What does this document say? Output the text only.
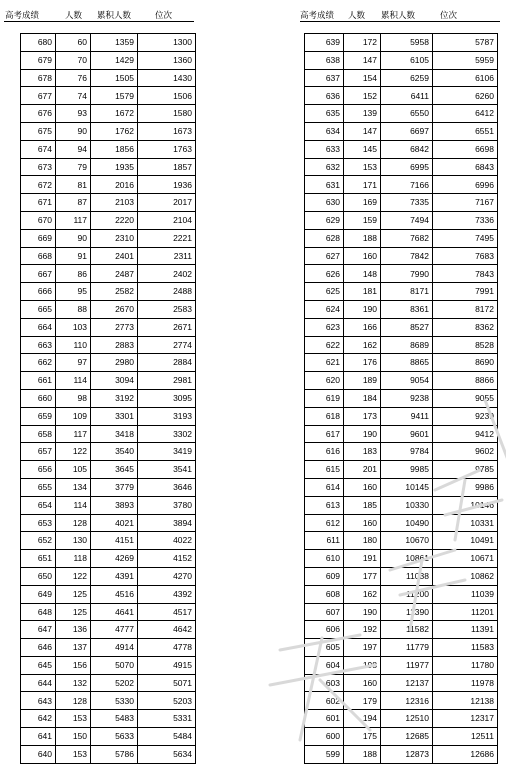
高考成绩	人数 累积人数	位次	高考成绩 人数 累积人数	位次
680	60	1359	1300
679	70	1429	1360
678	76	1505	1430
677	74	1579	1506
676	93	1672	1580
675	90	1762	1673
674	94	1856	1763
673	79	1935	1857
672	81	2016	1936
671	87	2103	2017
670	117	2220	2104
669	90	2310	2221
668	91	2401	2311
667	86	2487	2402
666	95	2582	2488
665	88	2670	2583
664	103	2773	2671
663	110	2883	2774
662	97	2980	2884
661	114	3094	2981
660	98	3192	3095
659	109	3301	3193
658	117	3418	3302
657	122	3540	3419
656	105	3645	3541
655	134	3779	3646
654	114	3893	3780
653	128	4021	3894
652	130	4151	4022
651	118	4269	4152
650	122	4391	4270
649	125	4516	4392
648	125	4641	4517
647	136	4777	4642
646	137	4914	4778
645	156	5070	4915
644	132	5202	5071
643	128	5330	5203
642	153	5483	5331
641	150	5633	5484
640	153	5786	5634
639	172	5958	5787
638	147	6105	5959
637	154	6259	6106
636	152	6411	6260
635	139	6550	6412
634	147	6697	6551
633	145	6842	6698
632	153	6995	6843
631	171	7166	6996
630	169	7335	7167
629	159	7494	7336
628	188	7682	7495
627	160	7842	7683
626	148	7990	7843
625	181	8171	7991
624	190	8361	8172
623	166	8527	8362
622	162	8689	8528
621	176	8865	8690
620	189	9054	8866
619	184	9238	9055
618	173	9411	9239
617	190	9601	9412
616	183	9784	9602
615	201	9985	9785
614	160	10145	9986
613	185	10330	10146
612	160	10490	10331
611	180	10670	10491
610	191	10861	10671
609	177	11038	10862
608	162	11200	11039
607	190	11390	11201
606	192	11582	11391
605	197	11779	11583
604	198	11977	11780
603	160	12137	11978
602	179	12316	12138
601	194	12510	12317
600	175	12685	12511
599	188	12873	12686
